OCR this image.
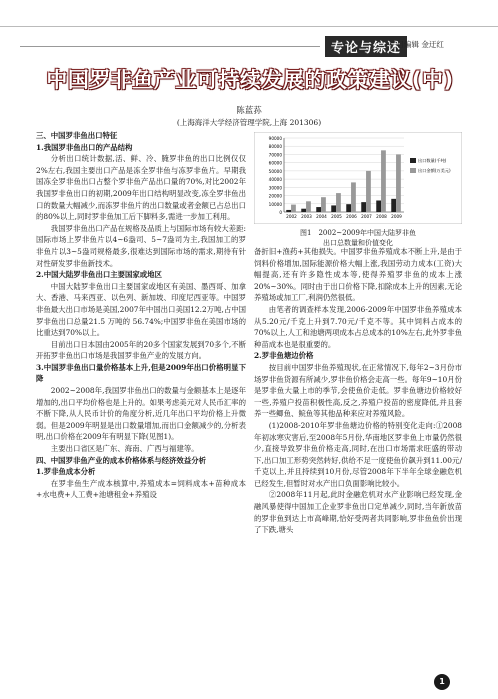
专论与综述
栏目编辑 金迂红
中国罗非鱼产业可持续发展的政策建议(中)
陈蓝荪
(上海海洋大学经济管理学院,上海 201306)

三、中国罗非鱼出口特征

1.我国罗非鱼出口的产品结构

分析出口统计数据,活、鲜、冷、腌罗非鱼的出口比例仅仅2%左右,我国主要出口产品是冻全罗非鱼与冻罗非鱼片。早期我国冻全罗非鱼出口占整个罗非鱼产品出口量的70%,对比2002年我国罗非鱼出口的初期,2009年出口结构明显改变,冻全罗非鱼出口的数量大幅减少,而冻罗非鱼片的出口数量或者金额已占总出口的80%以上,同时罗非鱼加工后下脚料多,需进一步加工利用。

我国罗非鱼出口产品在规格及品质上与国际市场有较大差距:国际市场上罗非鱼片以4~6盎司、5~7盎司为主,我国加工的罗非鱼片以3~5盎司规格最多,很难达到国际市场的需求,期待有针对性研发罗非鱼新技术。

2.中国大陆罗非鱼出口主要国家或地区

中国大陆罗非鱼出口主要国家或地区有美国、墨西哥、加拿大、香港、马来西亚、以色列、新加坡、印度尼西亚等。中国罗非鱼最大出口市场是美国,2007年中国出口美国12.2万吨,占中国罗非鱼出口总量21.5 万吨的 56.74%;中国罗非鱼在美国市场的比重达到70%以上。

目前出口日本国由2005年的20多个国家发展到70多个,不断开拓罗非鱼出口市场是我国罗非鱼产业的发展方向。

3.中国罗非鱼出口量价格基本上升,但是2009年出口价格明显下降

2002~2008年,我国罗非鱼出口的数量与金额基本上是逐年增加的,出口平均价格也是上升的。如果考虑美元对人民币汇率的不断下降,从人民币计价的角度分析,近几年出口平均价格上升微弱。但是2009年明显是出口数量增加,而出口金额减少的,分析表明,出口价格在2009年有明显下降(见图1)。

主要出口省区是广东、海南、广西与福建等。

四、中国罗非鱼产业的成本价格体系与经济效益分析

1.罗非鱼成本分析

在罗非鱼生产成本核算中,养殖成本=饲料成本+苗种成本+水电费+人工费+池塘租金+养殖设

90000
80000
70000
60000
50000
40000
30000
20000
10000
0
2002 2003 2004 2005 2006 2007 2008 2009
出口数量(千吨)
出口金额(万美元)
图1　2002~2009年中国大陆罗非鱼
出口总数量和价值变化

备折旧+渔药+其他损失。中国罗非鱼养殖成本不断上升,是由于饲料价格增加,国际能源价格大幅上涨,我国劳动力成本(工资)大幅提高,还有许多隐性成本等,使得养殖罗非鱼的成本上涨20%~30%。同时由于出口价格下降,扣除成本上升的因素,无论养殖场或加工厂,利润仍然很低。

由笔者的调查样本发现,2006-2009年中国罗非鱼养殖成本从5.20元/千克上升到7.70元/千克不等。其中饲料占成本的70%以上,人工和池塘两项成本占总成本的10%左右,此外罗非鱼种苗成本也是很重要的。

2.罗非鱼塘边价格

按目前中国罗非鱼养殖现状,在正常情况下,每年2~3月份市场罗非鱼货源有所减少,罗非鱼价格会走高一些。每年9~10月份是罗非鱼大量上市的季节,会使鱼价走低。罗非鱼塘边价格较好一些,养殖户投苗积极性高,反之,养殖户投苗的密度降低,并且套养一些鲫鱼、鲩鱼等其他品种来应对养殖风险。

(1)2008-2010年罗非鱼塘边价格的特别变化走向:①2008年初冰寒灾害后,至2008年5月份,华南地区罗非鱼上市量仍然很少,直接导致罗非鱼价格走高,同时,在出口市场需求旺盛的带动下,出口加工形势突然转好,供给不足一度使鱼价飙升到11.00元/千克以上,并且持续到10月份,尽管2008年下半年全球金融危机已经发生,但暂时对水产出口负面影响比较小。

②2008年11月起,此时金融危机对水产业影响已经发现,金融风暴使得中国加工企业罗非鱼出口定单减少,同时,当年新放苗的罗非鱼到达上市高峰期,恰好受两者共同影响,罗非鱼鱼价出现了下跌,塘头

1
